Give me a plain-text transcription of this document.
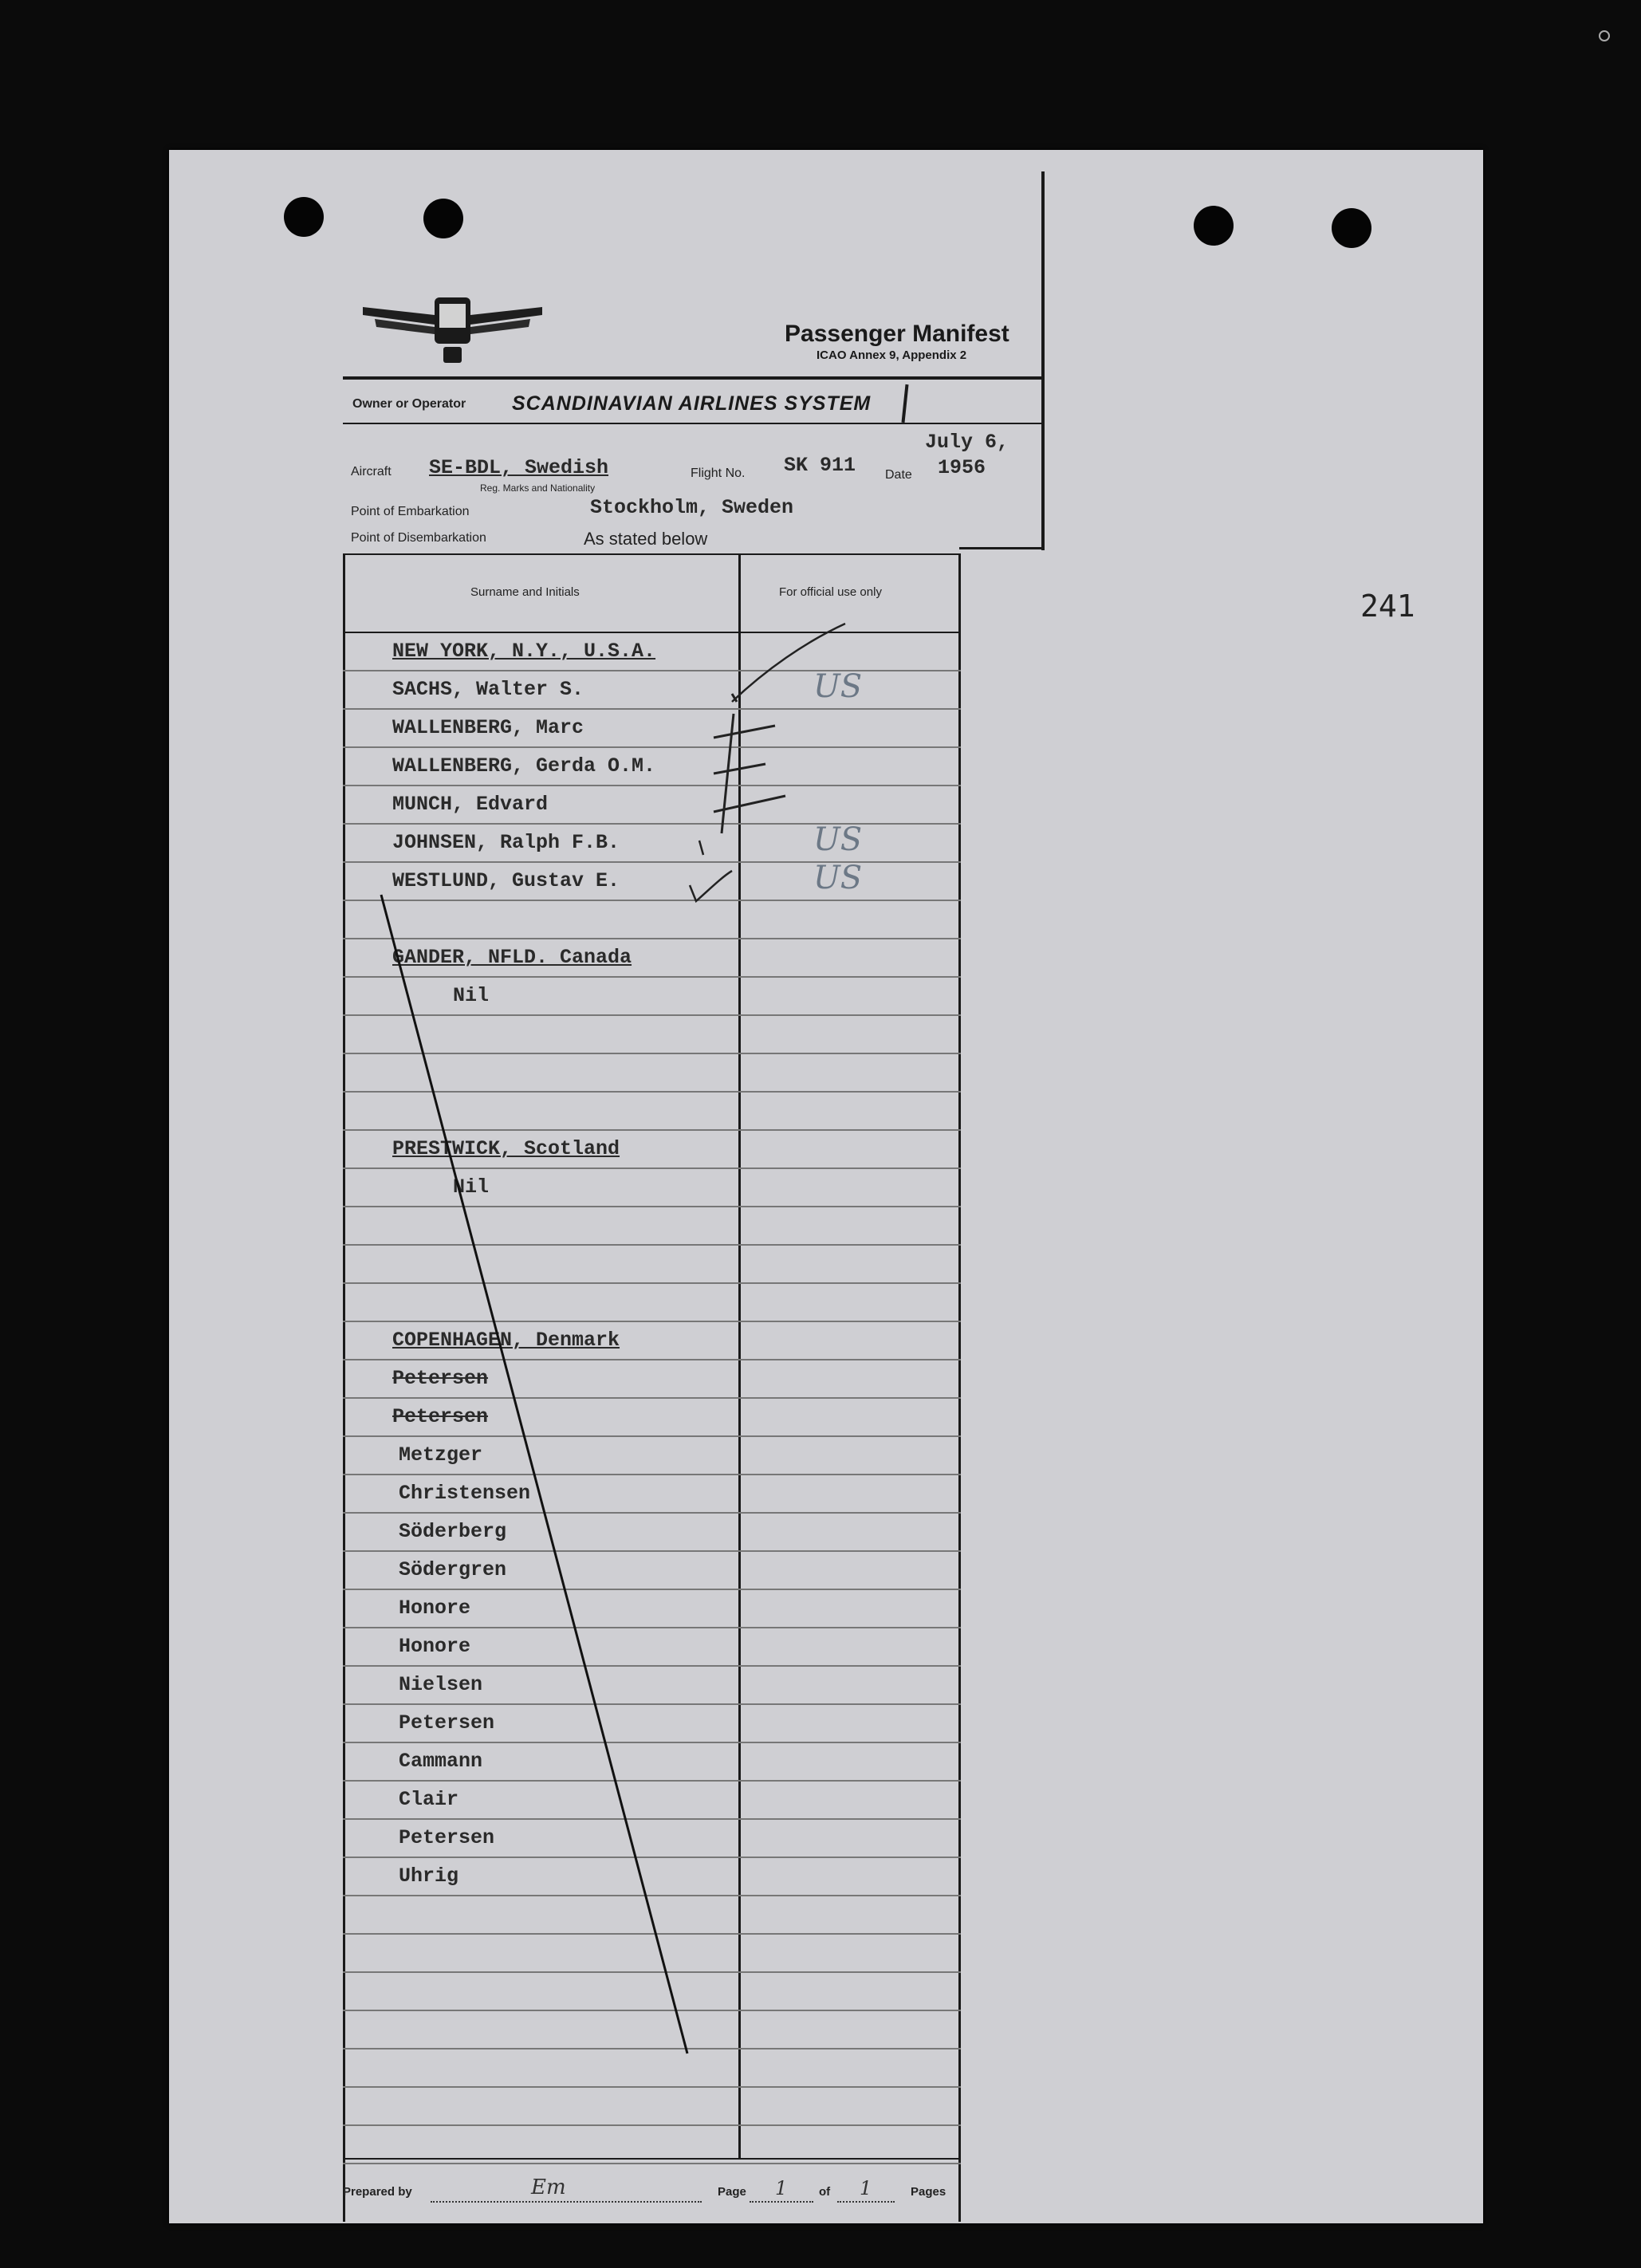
241
Passenger Manifest
ICAO Annex 9, Appendix 2
Owner or Operator SCANDINAVIAN AIRLINES SYSTEM
Aircraft SE-BDL, Swedish
Reg. Marks and Nationality
Flight No. SK 911 Date
July 6,
1956
Point of Embarkation	Stockholm, Sweden
Point of Disembarkation	As stated below
Surname and Initials	For official use only
NEW YORK, N.Y., U.S.A.
SACHS, Walter S.	US
WALLENBERG, Marc
WALLENBERG, Gerda O.M.
MUNCH, Edvard
JOHNSEN, Ralph F.B.	US
WESTLUND, Gustav E.	US
GANDER, NFLD. Canada
Nil
PRESTWICK, Scotland
Nil
COPENHAGEN, Denmark
Petersen
Petersen
Metzger
Christensen
Söderberg
Södergren
Honore
Honore
Nielsen
Petersen
Cammann
Clair
Petersen
Uhrig
Prepared by	Em	Page 1	of 1	Pages
